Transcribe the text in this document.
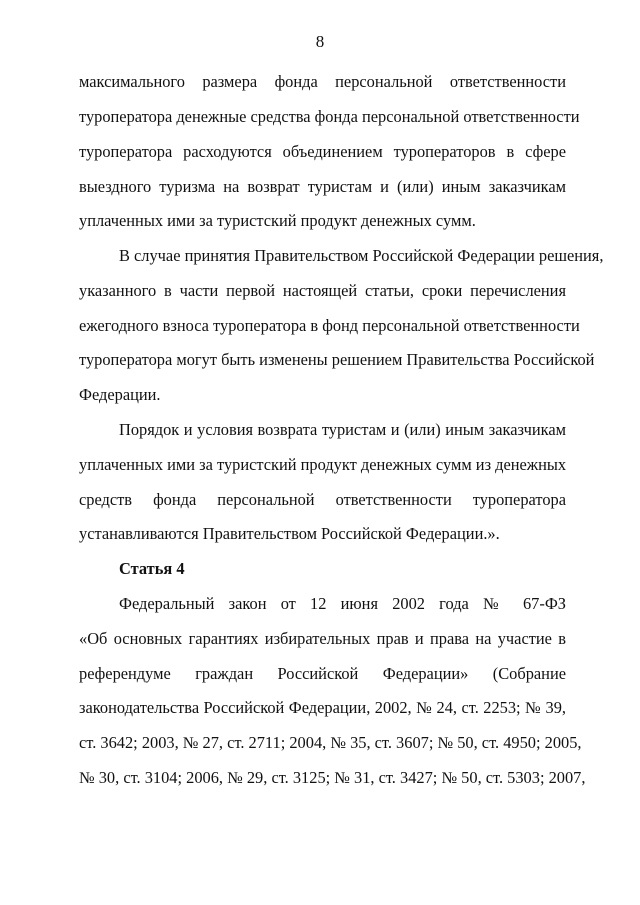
8
максимального размера фонда персональной ответственности
туроператора денежные средства фонда персональной ответственности
туроператора расходуются объединением туроператоров в сфере
выездного туризма на возврат туристам и (или) иным заказчикам
уплаченных ими за туристский продукт денежных сумм.
В случае принятия Правительством Российской Федерации решения,
указанного в части первой настоящей статьи, сроки перечисления
ежегодного взноса туроператора в фонд персональной ответственности
туроператора могут быть изменены решением Правительства Российской
Федерации.
Порядок и условия возврата туристам и (или) иным заказчикам
уплаченных ими за туристский продукт денежных сумм из денежных
средств фонда персональной ответственности туроператора
устанавливаются Правительством Российской Федерации.».
Статья 4
Федеральный закон от 12 июня 2002 года № 67-ФЗ
«Об основных гарантиях избирательных прав и права на участие в
референдуме граждан Российской Федерации» (Собрание
законодательства Российской Федерации, 2002, № 24, ст. 2253; № 39,
ст. 3642; 2003, № 27, ст. 2711; 2004, № 35, ст. 3607; № 50, ст. 4950; 2005,
№ 30, ст. 3104; 2006, № 29, ст. 3125; № 31, ст. 3427; № 50, ст. 5303; 2007,
